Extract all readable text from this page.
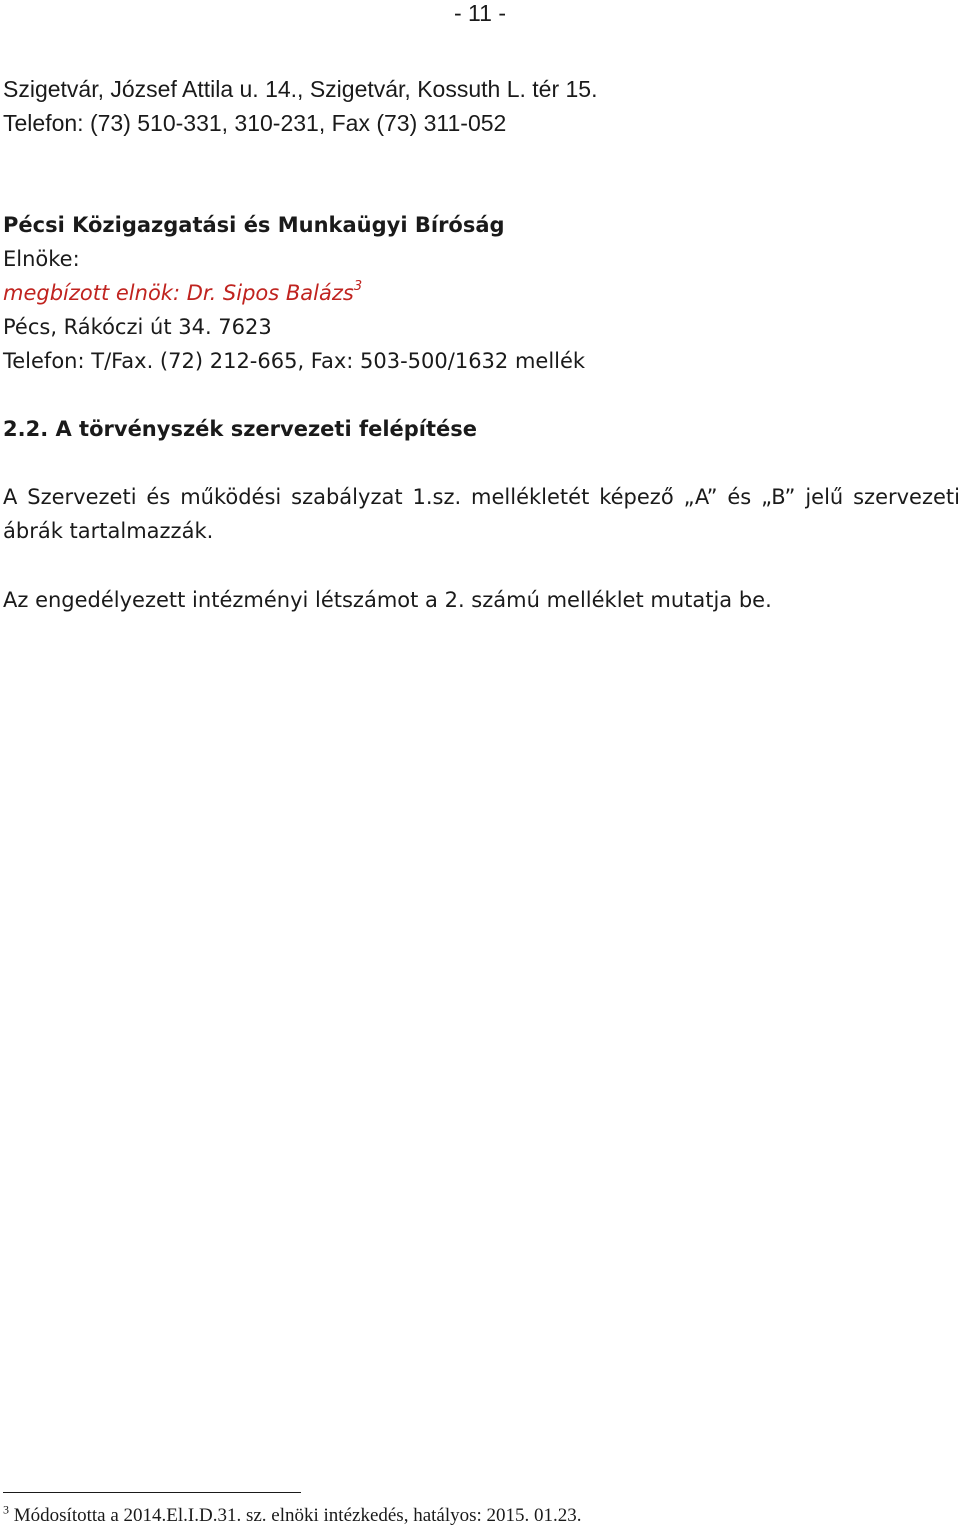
- 11 -
Szigetvár, József Attila u. 14., Szigetvár, Kossuth L. tér 15.
Telefon: (73) 510-331, 310-231, Fax (73) 311-052
Pécsi Közigazgatási és Munkaügyi Bíróság
Elnöke:
megbízott elnök: Dr. Sipos Balázs$^3$
Pécs, Rákóczi út 34. 7623
Telefon: T/Fax. (72) 212-665, Fax: 503-500/1632 mellék
2.2. A törvényszék szervezeti felépítése
A Szervezeti és működési szabályzat 1.sz. mellékletét képező „A” és „B” jelű szervezeti ábrák tartalmazzák.
Az engedélyezett intézményi létszámot a 2. számú melléklet mutatja be.
$^3$ Módosította a 2014.El.I.D.31. sz. elnöki intézkedés, hatályos: 2015. 01.23.
